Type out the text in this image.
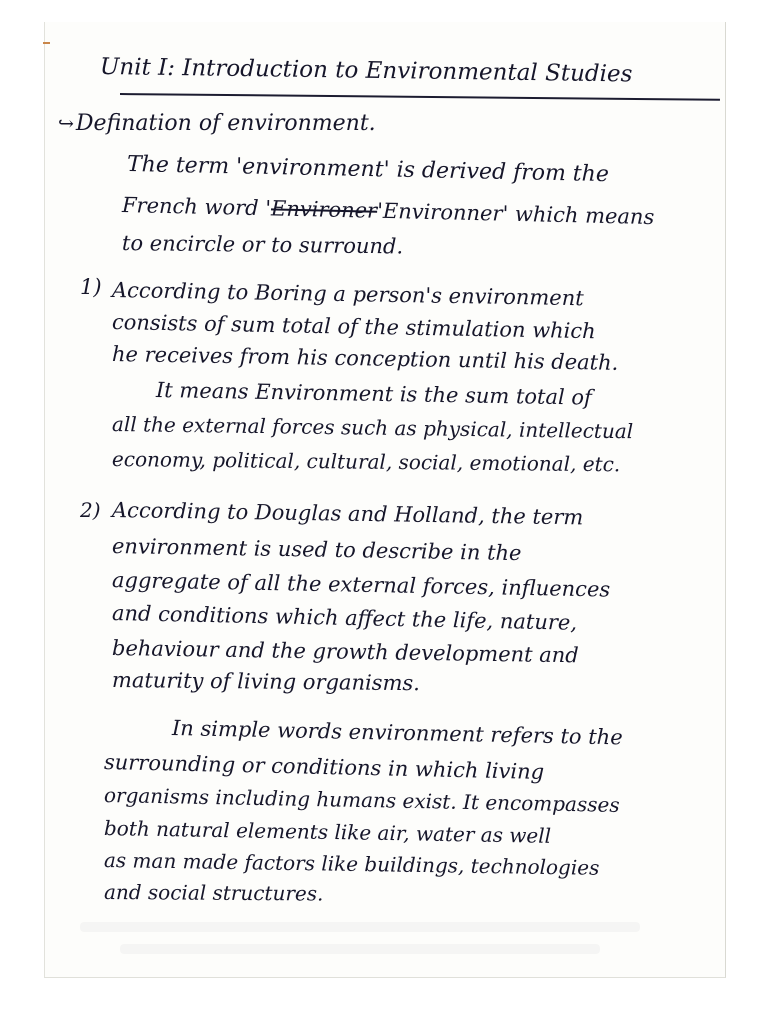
Unit I: Introduction to Environmental Studies
↪Defination of environment.
The term 'environment' is derived from the
French word 'Environer'Environner' which means
to encircle or to surround.
1) According to Boring a person's environment
consists of sum total of the stimulation which
he receives from his conception until his death.
It means Environment is the sum total of
all the external forces such as physical, intellectual
economy, political, cultural, social, emotional, etc.
2) According to Douglas and Holland, the term
environment is used to describe in the
aggregate of all the external forces, influences
and conditions which affect the life, nature,
behaviour and the growth development and
maturity of living organisms.
In simple words environment refers to the
surrounding or conditions in which living
organisms including humans exist. It encompasses
both natural elements like air, water as well
as man made factors like buildings, technologies
and social structures.
